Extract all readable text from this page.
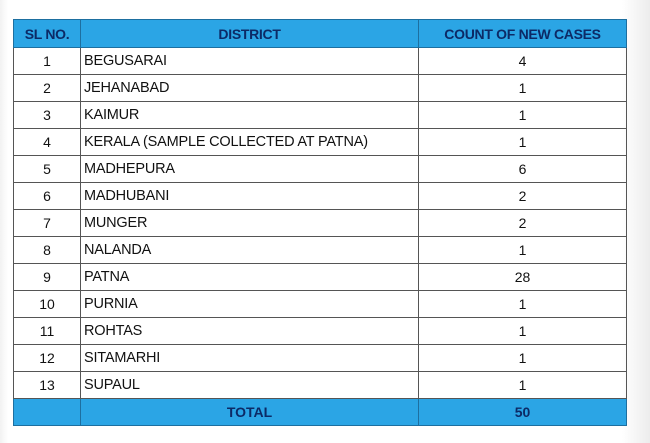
SL NO.	DISTRICT	COUNT OF NEW CASES
1	BEGUSARAI	4
2	JEHANABAD	1
3	KAIMUR	1
4	KERALA (SAMPLE COLLECTED AT PATNA)	1
5	MADHEPURA	6
6	MADHUBANI	2
7	MUNGER	2
8	NALANDA	1
9	PATNA	28
10	PURNIA	1
11	ROHTAS	1
12	SITAMARHI	1
13	SUPAUL	1
	TOTAL	50
